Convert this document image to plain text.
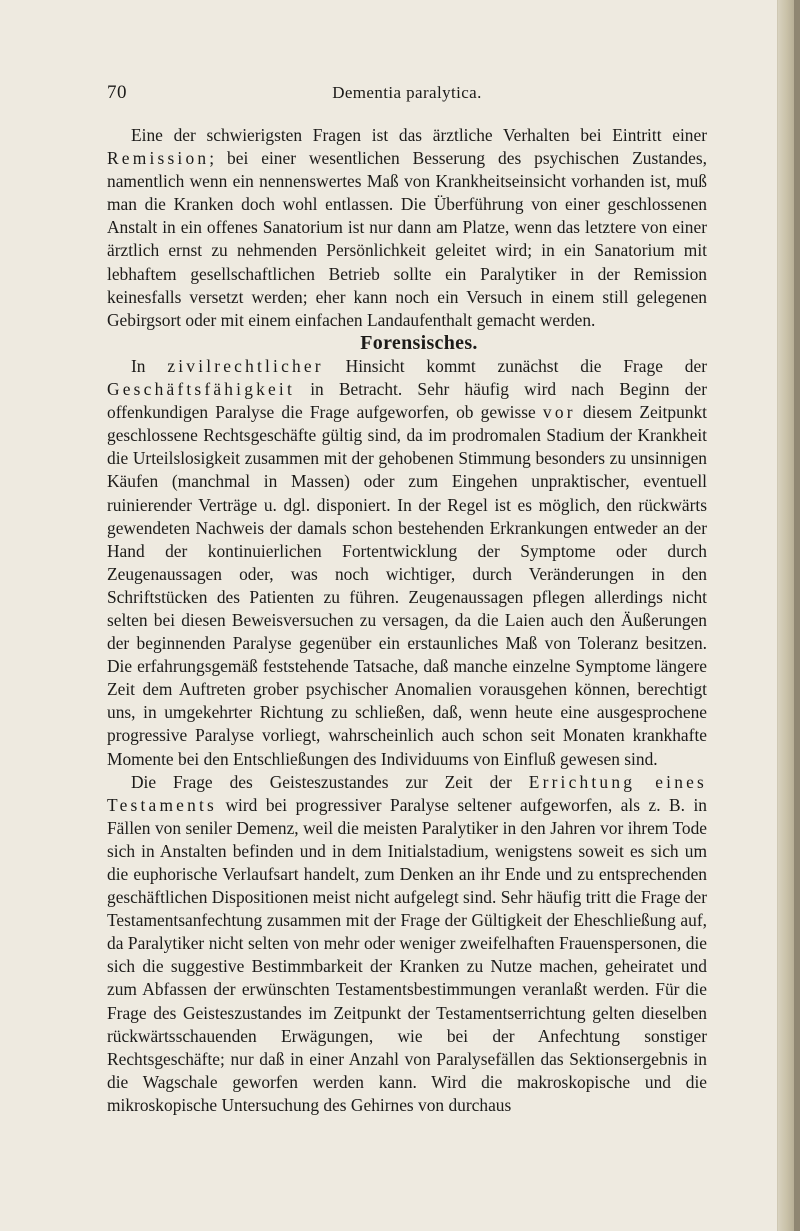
70	Dementia paralytica.

Eine der schwierigsten Fragen ist das ärztliche Verhalten bei Eintritt einer Remission; bei einer wesentlichen Besserung des psychischen Zustandes, namentlich wenn ein nennenswertes Maß von Krankheitseinsicht vorhanden ist, muß man die Kranken doch wohl entlassen. Die Überführung von einer geschlossenen Anstalt in ein offenes Sanatorium ist nur dann am Platze, wenn das letztere von einer ärztlich ernst zu nehmenden Persönlichkeit geleitet wird; in ein Sanatorium mit lebhaftem gesellschaftlichen Betrieb sollte ein Paralytiker in der Remission keinesfalls versetzt werden; eher kann noch ein Versuch in einem still gelegenen Gebirgsort oder mit einem einfachen Landaufenthalt gemacht werden.

Forensisches.

In zivilrechtlicher Hinsicht kommt zunächst die Frage der Geschäftsfähigkeit in Betracht. Sehr häufig wird nach Beginn der offenkundigen Paralyse die Frage aufgeworfen, ob gewisse vor diesem Zeitpunkt geschlossene Rechtsgeschäfte gültig sind, da im prodromalen Stadium der Krankheit die Urteilslosigkeit zusammen mit der gehobenen Stimmung besonders zu unsinnigen Käufen (manchmal in Massen) oder zum Eingehen unpraktischer, eventuell ruinierender Verträge u. dgl. disponiert. In der Regel ist es möglich, den rückwärts gewendeten Nachweis der damals schon bestehenden Erkrankungen entweder an der Hand der kontinuierlichen Fortentwicklung der Symptome oder durch Zeugenaussagen oder, was noch wichtiger, durch Veränderungen in den Schriftstücken des Patienten zu führen. Zeugenaussagen pflegen allerdings nicht selten bei diesen Beweisversuchen zu versagen, da die Laien auch den Äußerungen der beginnenden Paralyse gegenüber ein erstaunliches Maß von Toleranz besitzen. Die erfahrungsgemäß feststehende Tatsache, daß manche einzelne Symptome längere Zeit dem Auftreten grober psychischer Anomalien vorausgehen können, berechtigt uns, in umgekehrter Richtung zu schließen, daß, wenn heute eine ausgesprochene progressive Paralyse vorliegt, wahrscheinlich auch schon seit Monaten krankhafte Momente bei den Entschließungen des Individuums von Einfluß gewesen sind.

Die Frage des Geisteszustandes zur Zeit der Errichtung eines Testaments wird bei progressiver Paralyse seltener aufgeworfen, als z. B. in Fällen von seniler Demenz, weil die meisten Paralytiker in den Jahren vor ihrem Tode sich in Anstalten befinden und in dem Initialstadium, wenigstens soweit es sich um die euphorische Verlaufsart handelt, zum Denken an ihr Ende und zu entsprechenden geschäftlichen Dispositionen meist nicht aufgelegt sind. Sehr häufig tritt die Frage der Testamentsanfechtung zusammen mit der Frage der Gültigkeit der Eheschließung auf, da Paralytiker nicht selten von mehr oder weniger zweifelhaften Frauenspersonen, die sich die suggestive Bestimmbarkeit der Kranken zu Nutze machen, geheiratet und zum Abfassen der erwünschten Testamentsbestimmungen veranlaßt werden. Für die Frage des Geisteszustandes im Zeitpunkt der Testamentserrichtung gelten dieselben rückwärtsschauenden Erwägungen, wie bei der Anfechtung sonstiger Rechtsgeschäfte; nur daß in einer Anzahl von Paralysefällen das Sektionsergebnis in die Wagschale geworfen werden kann. Wird die makroskopische und die mikroskopische Untersuchung des Gehirnes von durchaus
